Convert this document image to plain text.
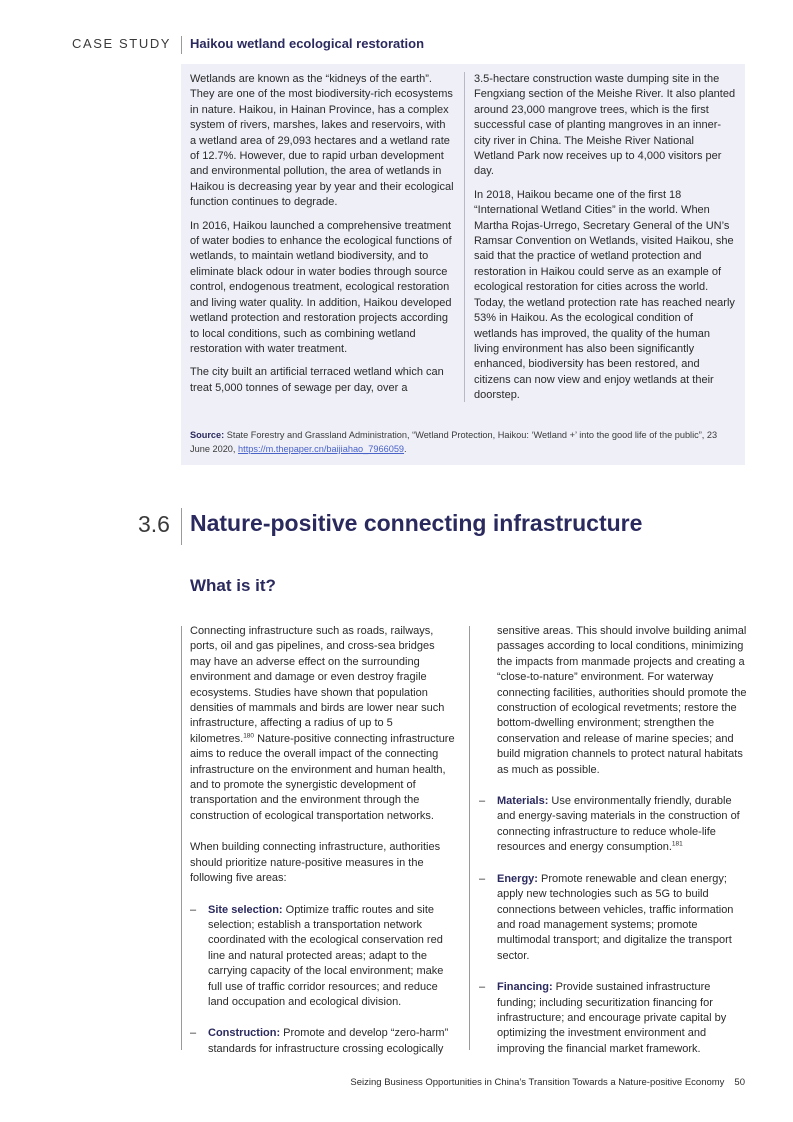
CASE STUDY Haikou wetland ecological restoration

Wetlands are known as the “kidneys of the earth”. They are one of the most biodiversity-rich ecosystems in nature. Haikou, in Hainan Province, has a complex system of rivers, marshes, lakes and reservoirs, with a wetland area of 29,093 hectares and a wetland rate of 12.7%. However, due to rapid urban development and environmental pollution, the area of wetlands in Haikou is decreasing year by year and their ecological function continues to degrade.

In 2016, Haikou launched a comprehensive treatment of water bodies to enhance the ecological functions of wetlands, to maintain wetland biodiversity, and to eliminate black odour in water bodies through source control, endogenous treatment, ecological restoration and living water quality. In addition, Haikou developed wetland protection and restoration projects according to local conditions, such as combining wetland restoration with water treatment.

The city built an artificial terraced wetland which can treat 5,000 tonnes of sewage per day, over a

3.5-hectare construction waste dumping site in the Fengxiang section of the Meishe River. It also planted around 23,000 mangrove trees, which is the first successful case of planting mangroves in an inner-city river in China. The Meishe River National Wetland Park now receives up to 4,000 visitors per day.

In 2018, Haikou became one of the first 18 “International Wetland Cities” in the world. When Martha Rojas-Urrego, Secretary General of the UN’s Ramsar Convention on Wetlands, visited Haikou, she said that the practice of wetland protection and restoration in Haikou could serve as an example of ecological restoration for cities across the world. Today, the wetland protection rate has reached nearly 53% in Haikou. As the ecological condition of wetlands has improved, the quality of the human living environment has also been significantly enhanced, biodiversity has been restored, and citizens can now view and enjoy wetlands at their doorstep.

Source: State Forestry and Grassland Administration, “Wetland Protection, Haikou: ‘Wetland +’ into the good life of the public”, 23 June 2020, https://m.thepaper.cn/baijiahao_7966059.
3.6 Nature-positive connecting infrastructure
What is it?

Connecting infrastructure such as roads, railways, ports, oil and gas pipelines, and cross-sea bridges may have an adverse effect on the surrounding environment and damage or even destroy fragile ecosystems. Studies have shown that population densities of mammals and birds are lower near such infrastructure, affecting a radius of up to 5 kilometres.$^{180}$ Nature-positive connecting infrastructure aims to reduce the overall impact of the connecting infrastructure on the environment and human health, and to promote the synergistic development of transportation and the environment through the construction of ecological transportation networks.

When building connecting infrastructure, authorities should prioritize nature-positive measures in the following five areas:

– Site selection: Optimize traffic routes and site selection; establish a transportation network coordinated with the ecological conservation red line and natural protected areas; adapt to the carrying capacity of the local environment; make full use of traffic corridor resources; and reduce land occupation and ecological division.
– Construction: Promote and develop “zero-harm” standards for infrastructure crossing ecologically
sensitive areas. This should involve building animal passages according to local conditions, minimizing the impacts from manmade projects and creating a “close-to-nature” environment. For waterway connecting facilities, authorities should promote the construction of ecological revetments; restore the bottom-dwelling environment; strengthen the conservation and release of marine species; and build migration channels to protect natural habitats as much as possible.
– Materials: Use environmentally friendly, durable and energy-saving materials in the construction of connecting infrastructure to reduce whole-life resources and energy consumption.$^{181}$
– Energy: Promote renewable and clean energy; apply new technologies such as 5G to build connections between vehicles, traffic information and road management systems; promote multimodal transport; and digitalize the transport sector.
– Financing: Provide sustained infrastructure funding; including securitization financing for infrastructure; and encourage private capital by optimizing the investment environment and improving the financial market framework.
Seizing Business Opportunities in China’s Transition Towards a Nature-positive Economy 50
